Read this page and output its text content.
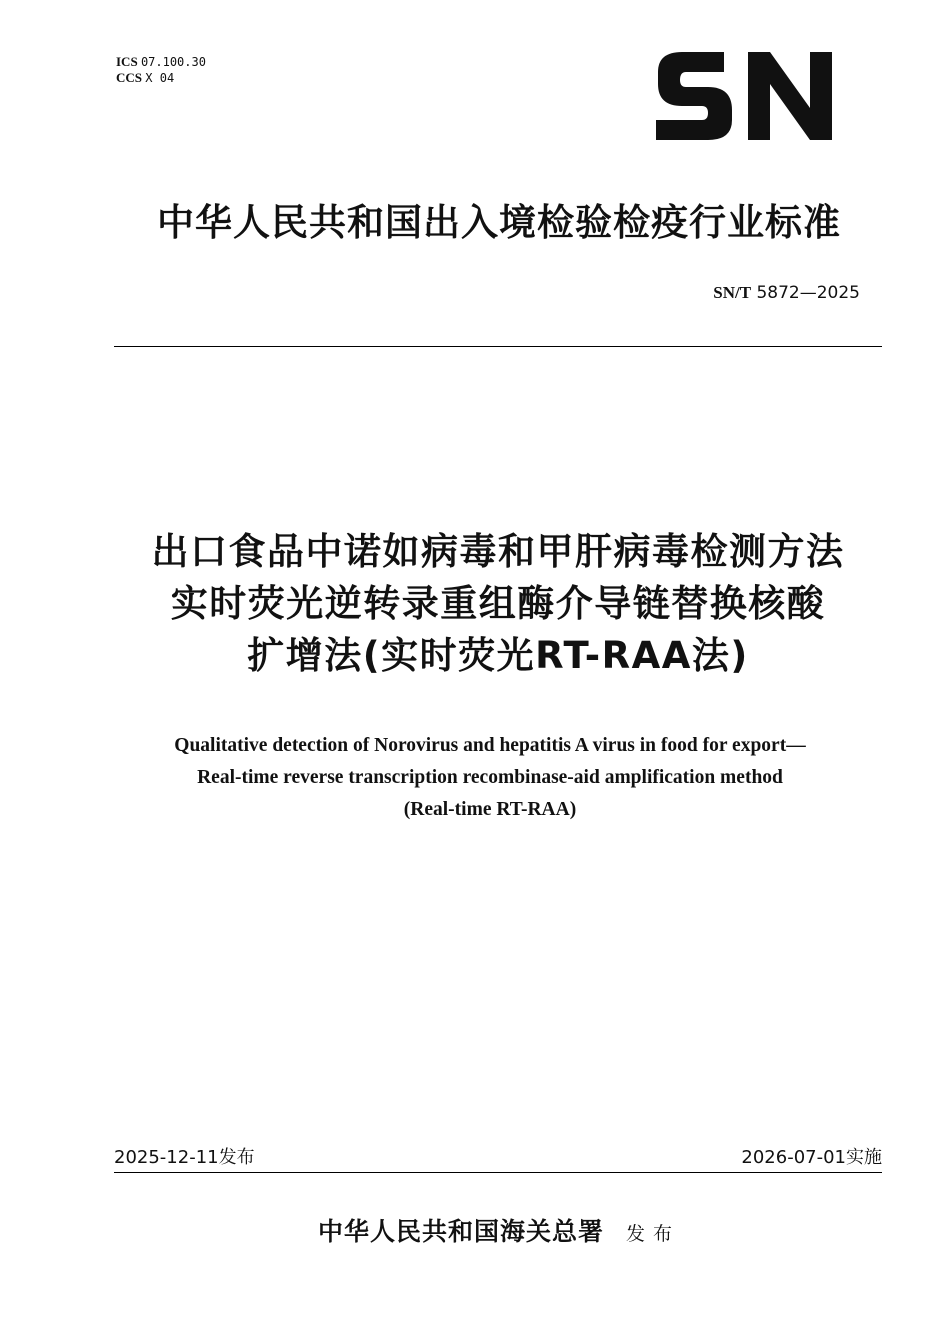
ICS 07.100.30
CCS X 04
中华人民共和国出入境检验检疫行业标准
SN/T 5872—2025
出口食品中诺如病毒和甲肝病毒检测方法
实时荧光逆转录重组酶介导链替换核酸
扩增法(实时荧光RT-RAA法)
Qualitative detection of Norovirus and hepatitis A virus in food for export—
Real-time reverse transcription recombinase-aid amplification method
(Real-time RT-RAA)
2025-12-11发布	2026-07-01实施
中华人民共和国海关总署 发布
